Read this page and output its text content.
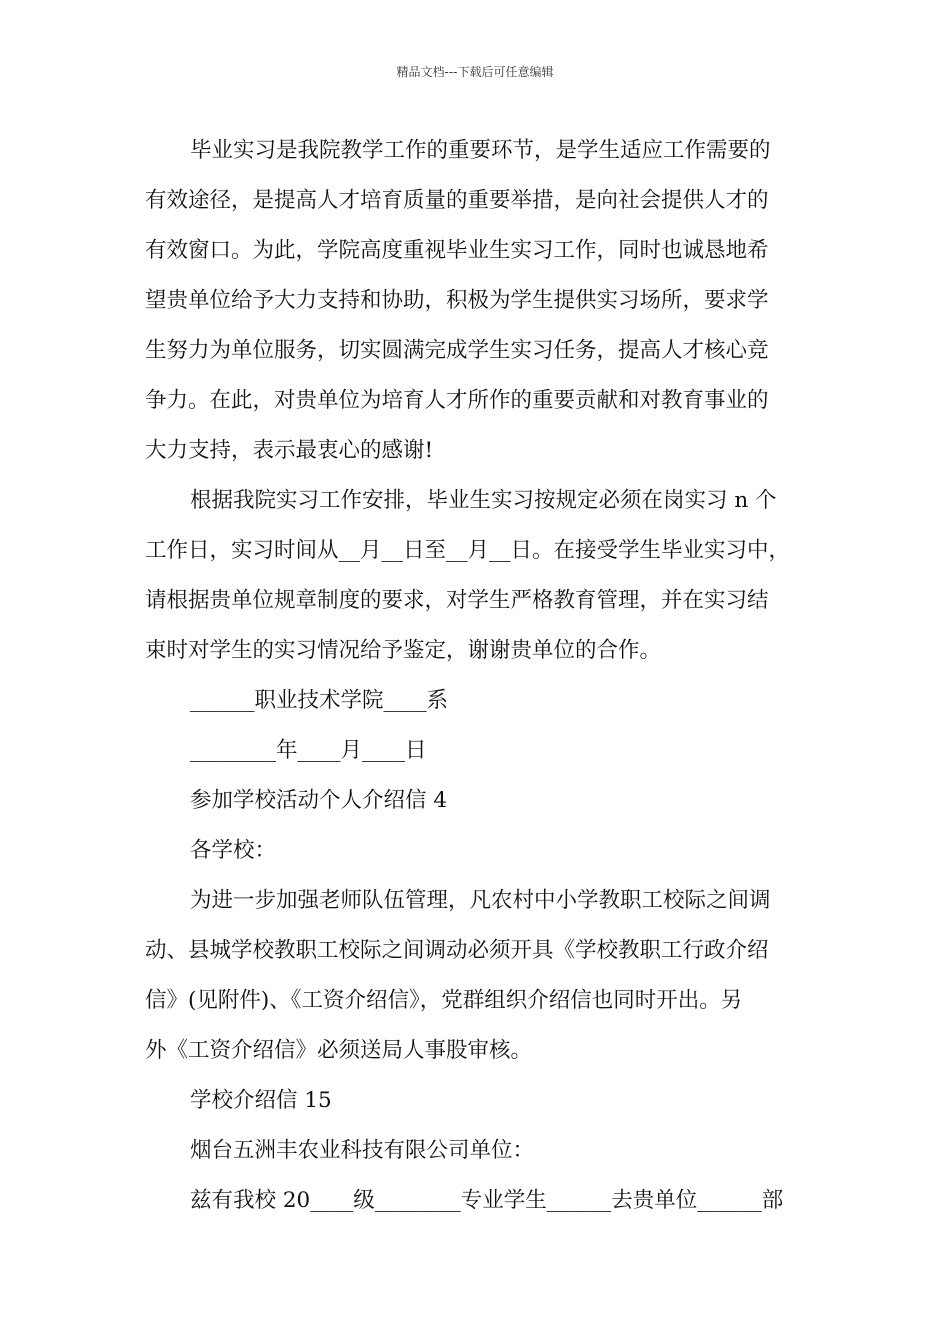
精品文档---下载后可任意编辑
毕业实习是我院教学工作的重要环节，是学生适应工作需要的
有效途径，是提高人才培育质量的重要举措，是向社会提供人才的
有效窗口。为此，学院高度重视毕业生实习工作，同时也诚恳地希
望贵单位给予大力支持和协助，积极为学生提供实习场所，要求学
生努力为单位服务，切实圆满完成学生实习任务，提高人才核心竞
争力。在此，对贵单位为培育人才所作的重要贡献和对教育事业的
大力支持，表示最衷心的感谢!
根据我院实习工作安排，毕业生实习按规定必须在岗实习 n 个
工作日，实习时间从__月__日至__月__日。在接受学生毕业实习中，
请根据贵单位规章制度的要求，对学生严格教育管理，并在实习结
束时对学生的实习情况给予鉴定，谢谢贵单位的合作。
______职业技术学院____系
________年____月____日
参加学校活动个人介绍信 4
各学校：
为进一步加强老师队伍管理，凡农村中小学教职工校际之间调
动、县城学校教职工校际之间调动必须开具《学校教职工行政介绍
信》(见附件)、《工资介绍信》，党群组织介绍信也同时开出。另
外《工资介绍信》必须送局人事股审核。
学校介绍信 15
烟台五洲丰农业科技有限公司单位：
兹有我校 20____级________专业学生______去贵单位______部
